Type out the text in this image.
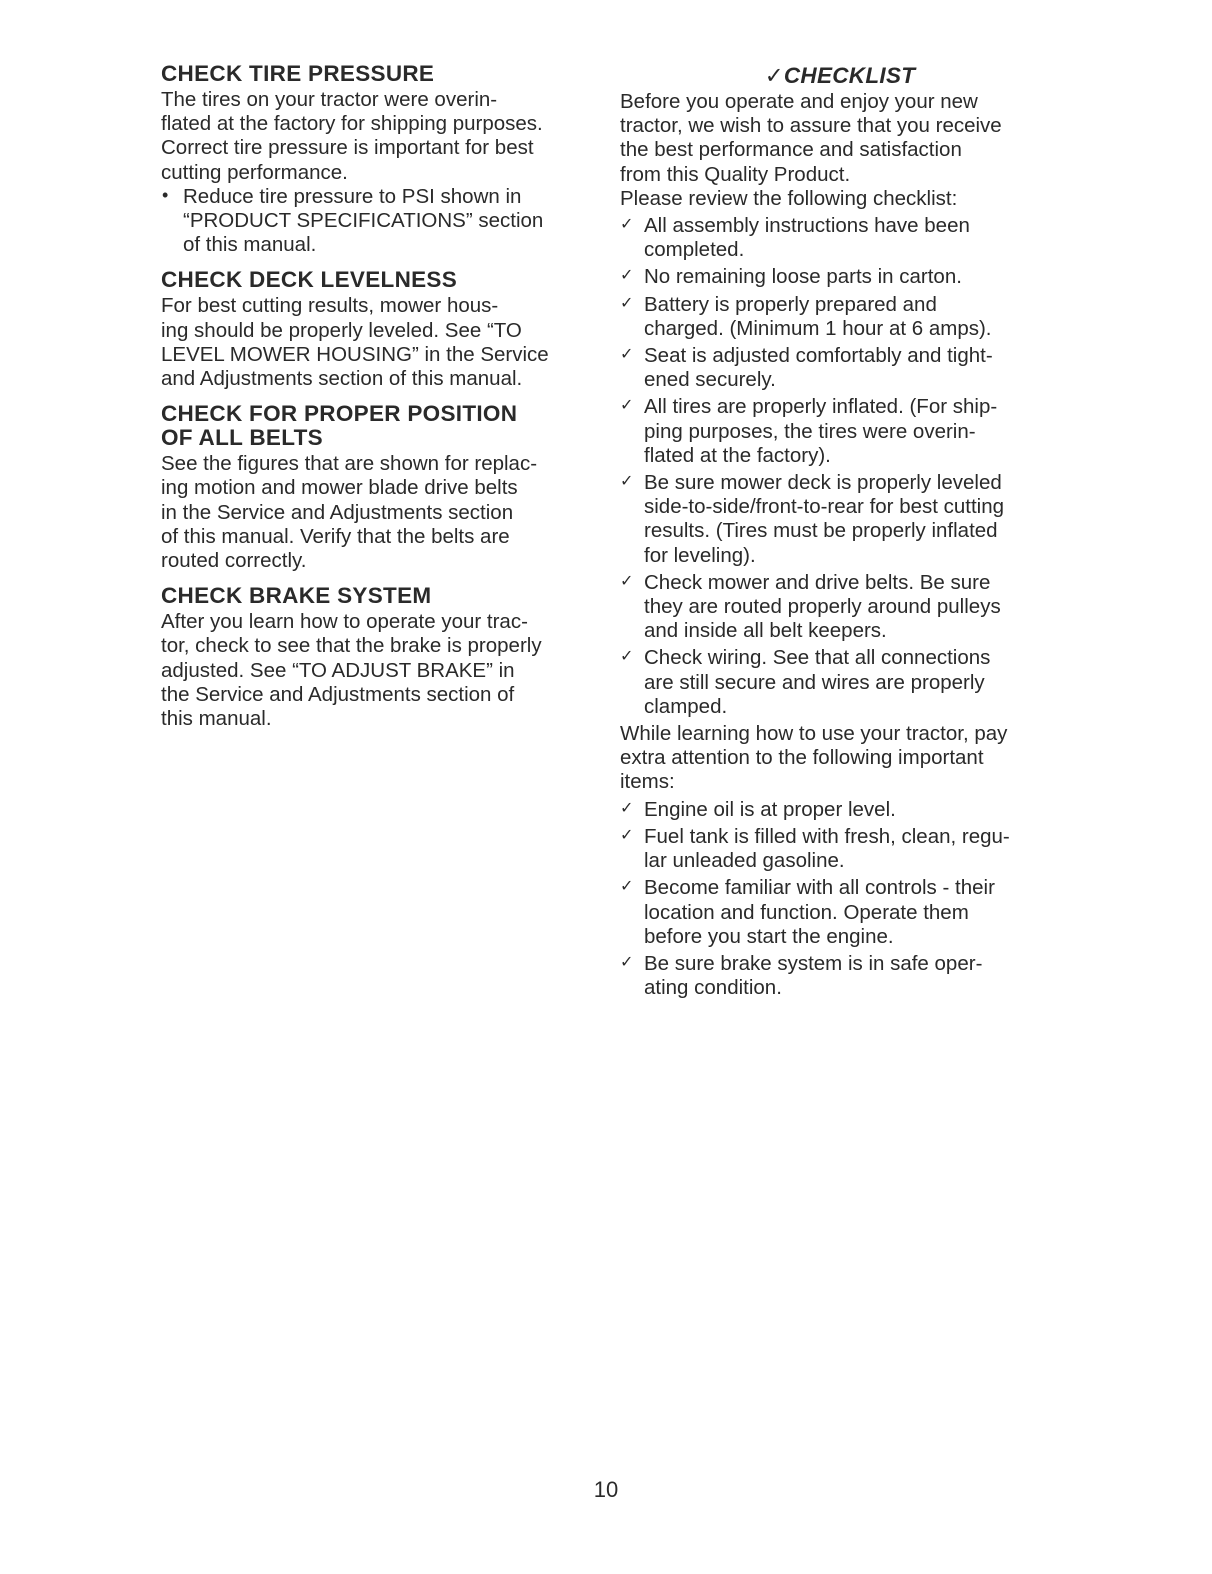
CHECK TIRE PRESSURE

The tires on your tractor were overin-
flated at the factory for shipping purposes.
Correct tire pressure is important for best
cutting performance.

• Reduce tire pressure to PSI shown in
“PRODUCT SPECIFICATIONS” section
of this manual.

CHECK DECK LEVELNESS

For best cutting results, mower hous-
ing should be properly leveled. See “TO
LEVEL MOWER HOUSING” in the Service
and Adjustments section of this manual.

CHECK FOR PROPER POSITION
OF ALL BELTS

See the figures that are shown for replac-
ing motion and mower blade drive belts
in the Service and Adjustments section
of this manual. Verify that the belts are
routed correctly.

CHECK BRAKE SYSTEM

After you learn how to operate your trac-
tor, check to see that the brake is properly
adjusted. See “TO ADJUST BRAKE” in
the Service and Adjustments section of
this manual.

✓CHECKLIST

Before you operate and enjoy your new
tractor, we wish to assure that you receive
the best performance and satisfaction
from this Quality Product.
Please review the following checklist:

✓ All assembly instructions have been
completed.

✓ No remaining loose parts in carton.

✓ Battery is properly prepared and
charged. (Minimum 1 hour at 6 amps).

✓ Seat is adjusted comfortably and tight-
ened securely.

✓ All tires are properly inflated. (For ship-
ping purposes, the tires were overin-
flated at the factory).

✓ Be sure mower deck is properly leveled
side-to-side/front-to-rear for best cutting
results. (Tires must be properly inflated
for leveling).

✓ Check mower and drive belts. Be sure
they are routed properly around pulleys
and inside all belt keepers.

✓ Check wiring. See that all connections
are still secure and wires are properly
clamped.

While learning how to use your tractor, pay
extra attention to the following important
items:

✓ Engine oil is at proper level.

✓ Fuel tank is filled with fresh, clean, regu-
lar unleaded gasoline.

✓ Become familiar with all controls - their
location and function. Operate them
before you start the engine.

✓ Be sure brake system is in safe oper-
ating condition.

10
